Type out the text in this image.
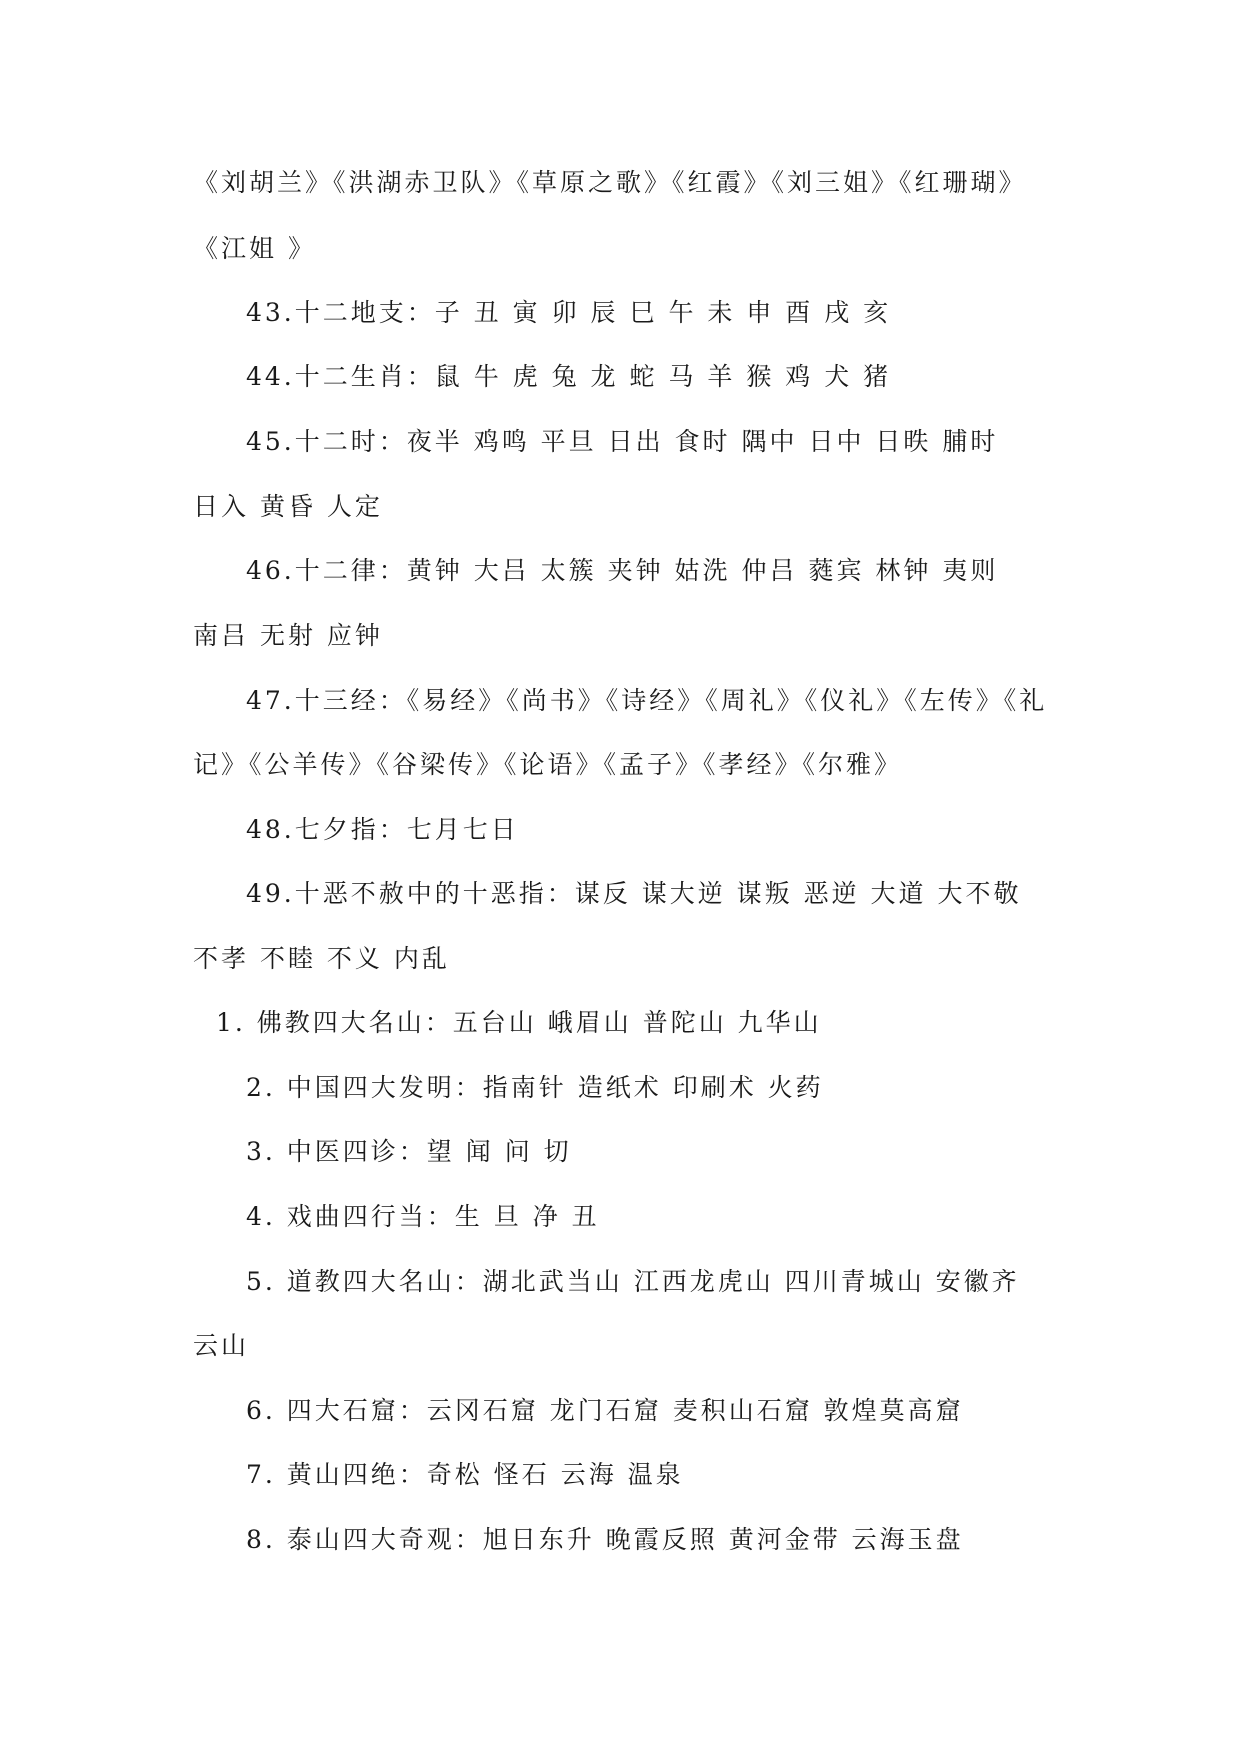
《刘胡兰》《洪湖赤卫队》《草原之歌》《红霞》《刘三姐》《红珊瑚》
《江姐 》
43.十二地支：子 丑 寅 卯 辰 巳 午 未 申 酉 戌 亥
44.十二生肖：鼠 牛 虎 兔 龙 蛇 马 羊 猴 鸡 犬 猪
45.十二时：夜半 鸡鸣 平旦 日出 食时 隅中 日中 日昳 脯时
日入 黄昏 人定
46.十二律：黄钟 大吕 太簇 夹钟 姑洗 仲吕 蕤宾 林钟 夷则
南吕 无射 应钟
47.十三经：《易经》《尚书》《诗经》《周礼》《仪礼》《左传》《礼
记》《公羊传》《谷梁传》《论语》《孟子》《孝经》《尔雅》
48.七夕指：七月七日
49.十恶不赦中的十恶指：谋反 谋大逆 谋叛 恶逆 大道 大不敬
不孝 不睦 不义 内乱
1. 佛教四大名山：五台山 峨眉山 普陀山 九华山
2. 中国四大发明：指南针 造纸术 印刷术 火药
3. 中医四诊：望 闻 问 切
4. 戏曲四行当：生 旦 净 丑
5. 道教四大名山：湖北武当山 江西龙虎山 四川青城山 安徽齐
云山
6. 四大石窟：云冈石窟 龙门石窟 麦积山石窟 敦煌莫高窟
7. 黄山四绝：奇松 怪石 云海 温泉
8. 泰山四大奇观：旭日东升 晚霞反照 黄河金带 云海玉盘
